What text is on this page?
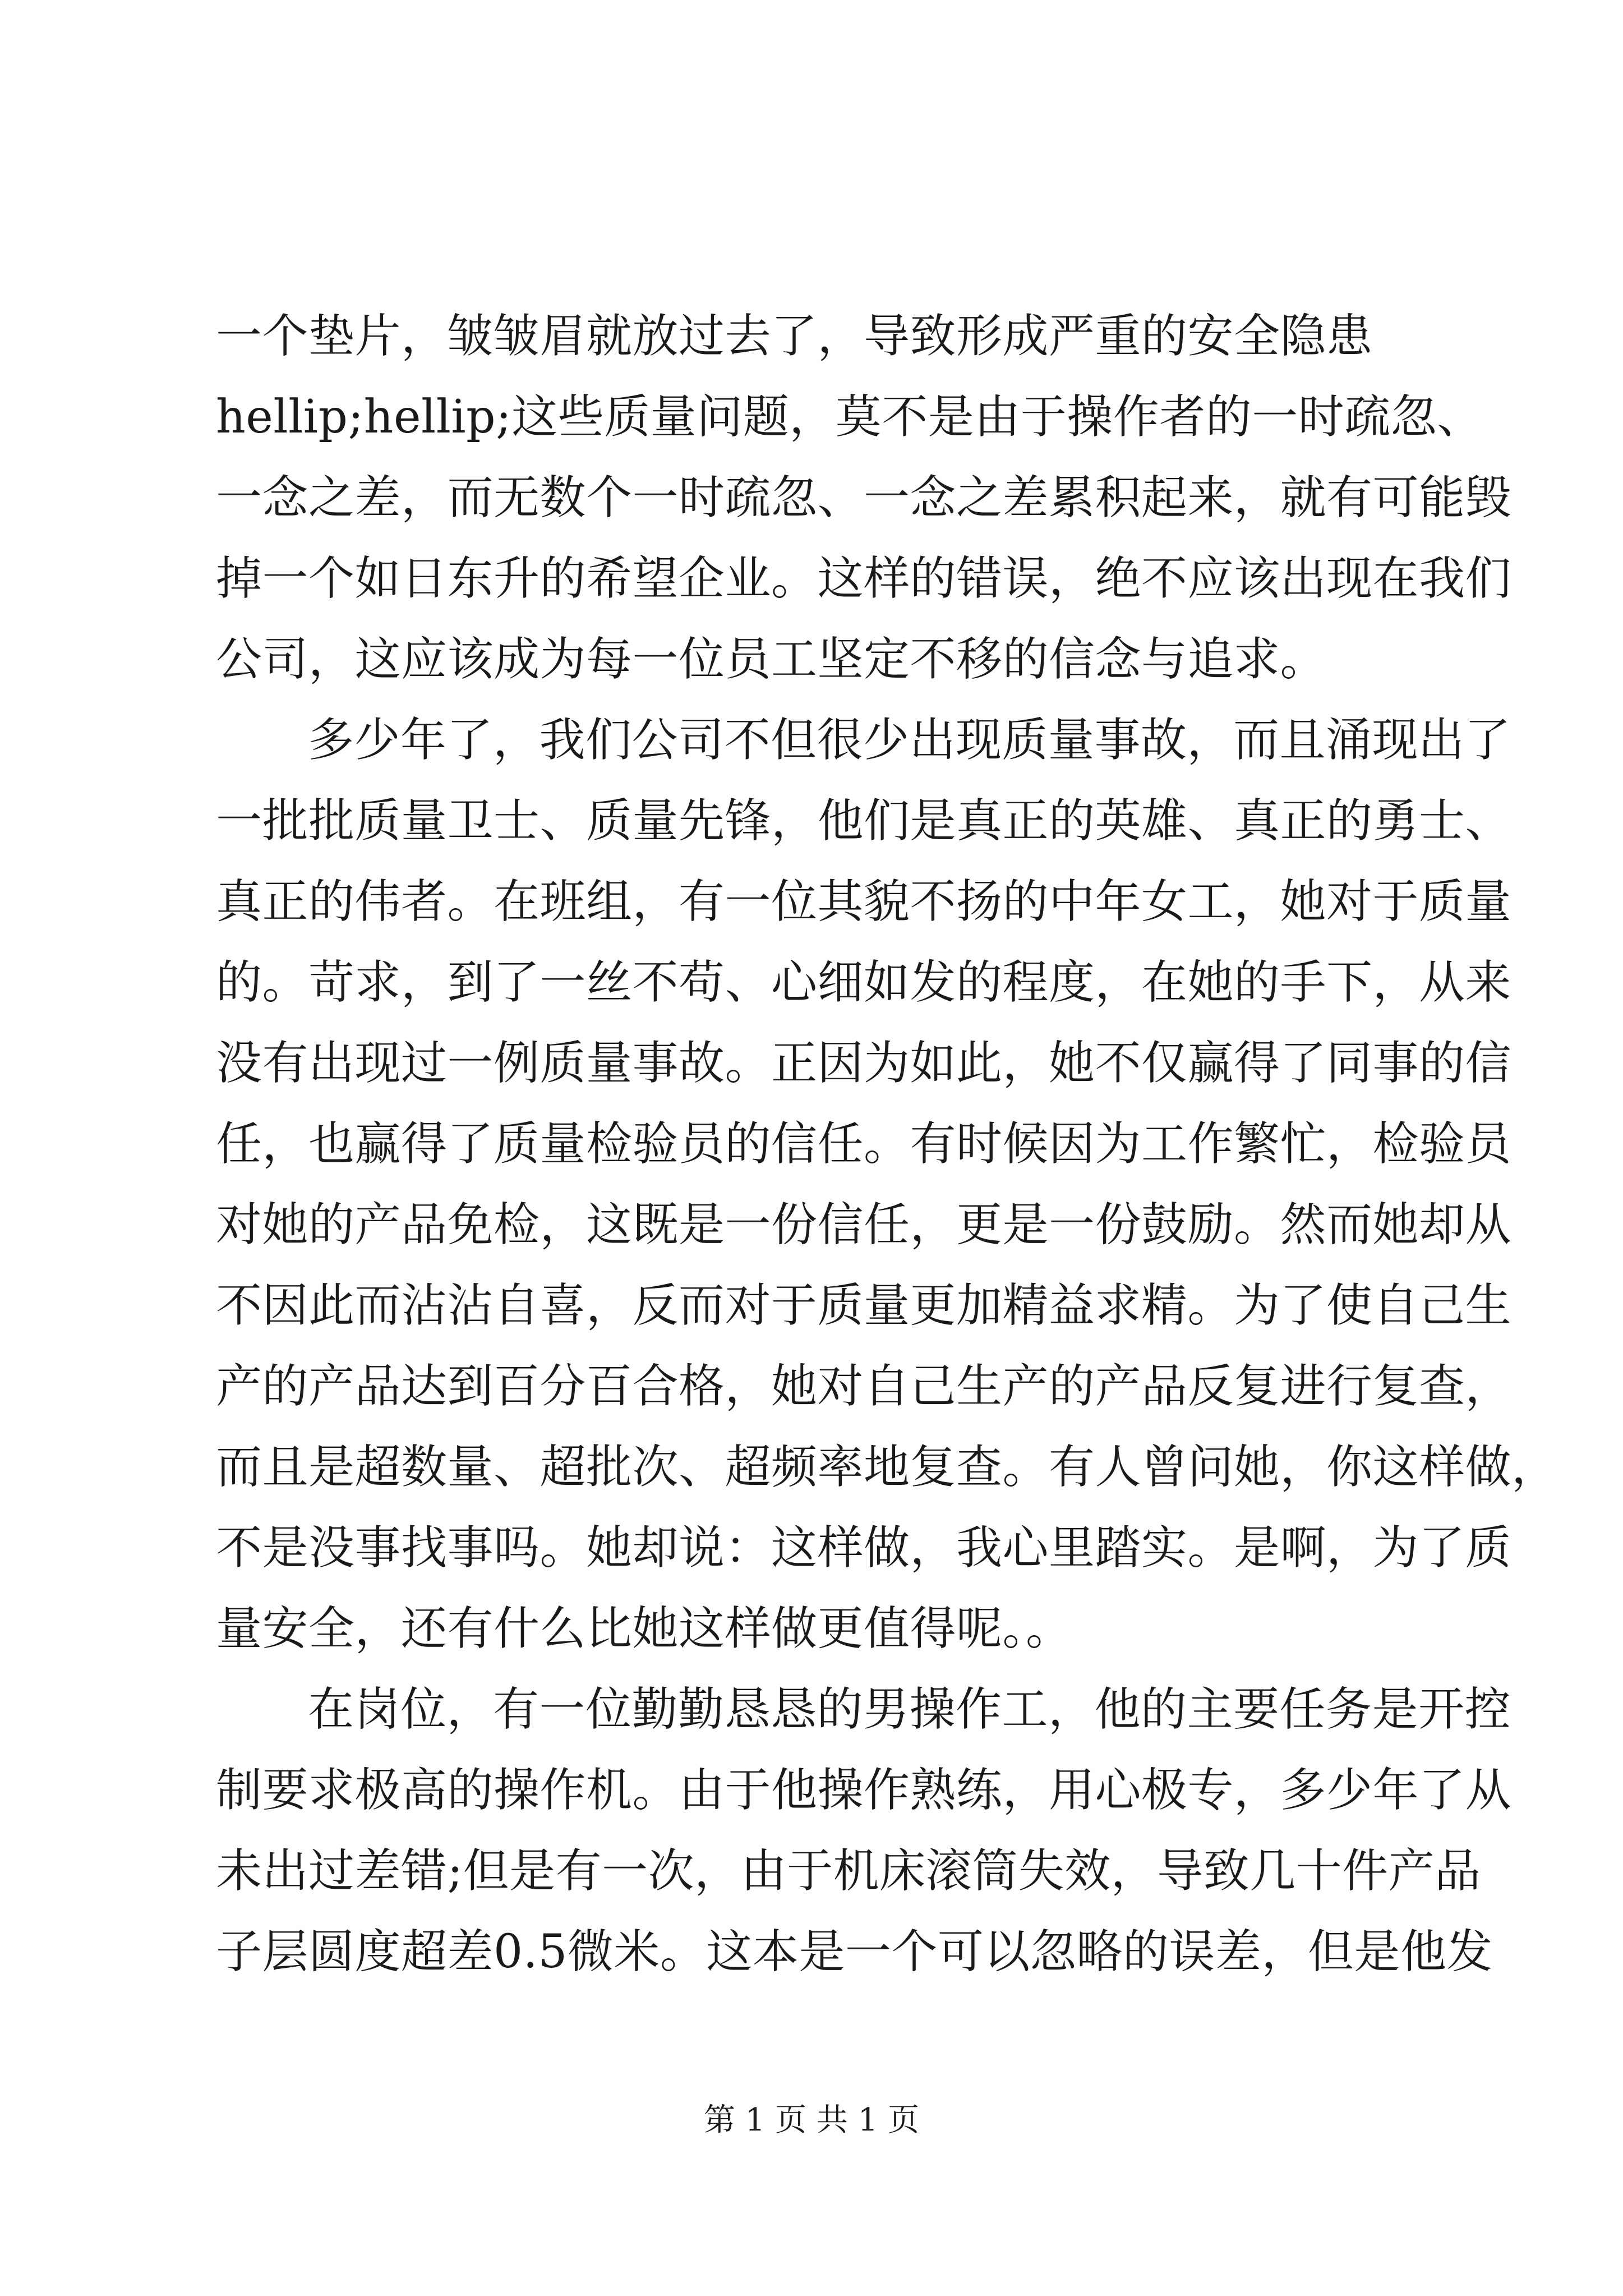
一个垫片，皱皱眉就放过去了，导致形成严重的安全隐患
hellip;hellip;这些质量问题，莫不是由于操作者的一时疏忽、
一念之差，而无数个一时疏忽、一念之差累积起来，就有可能毁
掉一个如日东升的希望企业。这样的错误，绝不应该出现在我们
公司，这应该成为每一位员工坚定不移的信念与追求。
多少年了，我们公司不但很少出现质量事故，而且涌现出了
一批批质量卫士、质量先锋，他们是真正的英雄、真正的勇士、
真正的伟者。在班组，有一位其貌不扬的中年女工，她对于质量
的。苛求，到了一丝不苟、心细如发的程度，在她的手下，从来
没有出现过一例质量事故。正因为如此，她不仅赢得了同事的信
任，也赢得了质量检验员的信任。有时候因为工作繁忙，检验员
对她的产品免检，这既是一份信任，更是一份鼓励。然而她却从
不因此而沾沾自喜，反而对于质量更加精益求精。为了使自己生
产的产品达到百分百合格，她对自己生产的产品反复进行复查，
而且是超数量、超批次、超频率地复查。有人曾问她，你这样做，
不是没事找事吗。她却说：这样做，我心里踏实。是啊，为了质
量安全，还有什么比她这样做更值得呢。。
在岗位，有一位勤勤恳恳的男操作工，他的主要任务是开控
制要求极高的操作机。由于他操作熟练，用心极专，多少年了从
未出过差错;但是有一次，由于机床滚筒失效，导致几十件产品
子层圆度超差0.5微米。这本是一个可以忽略的误差，但是他发
第 1 页 共 1 页
